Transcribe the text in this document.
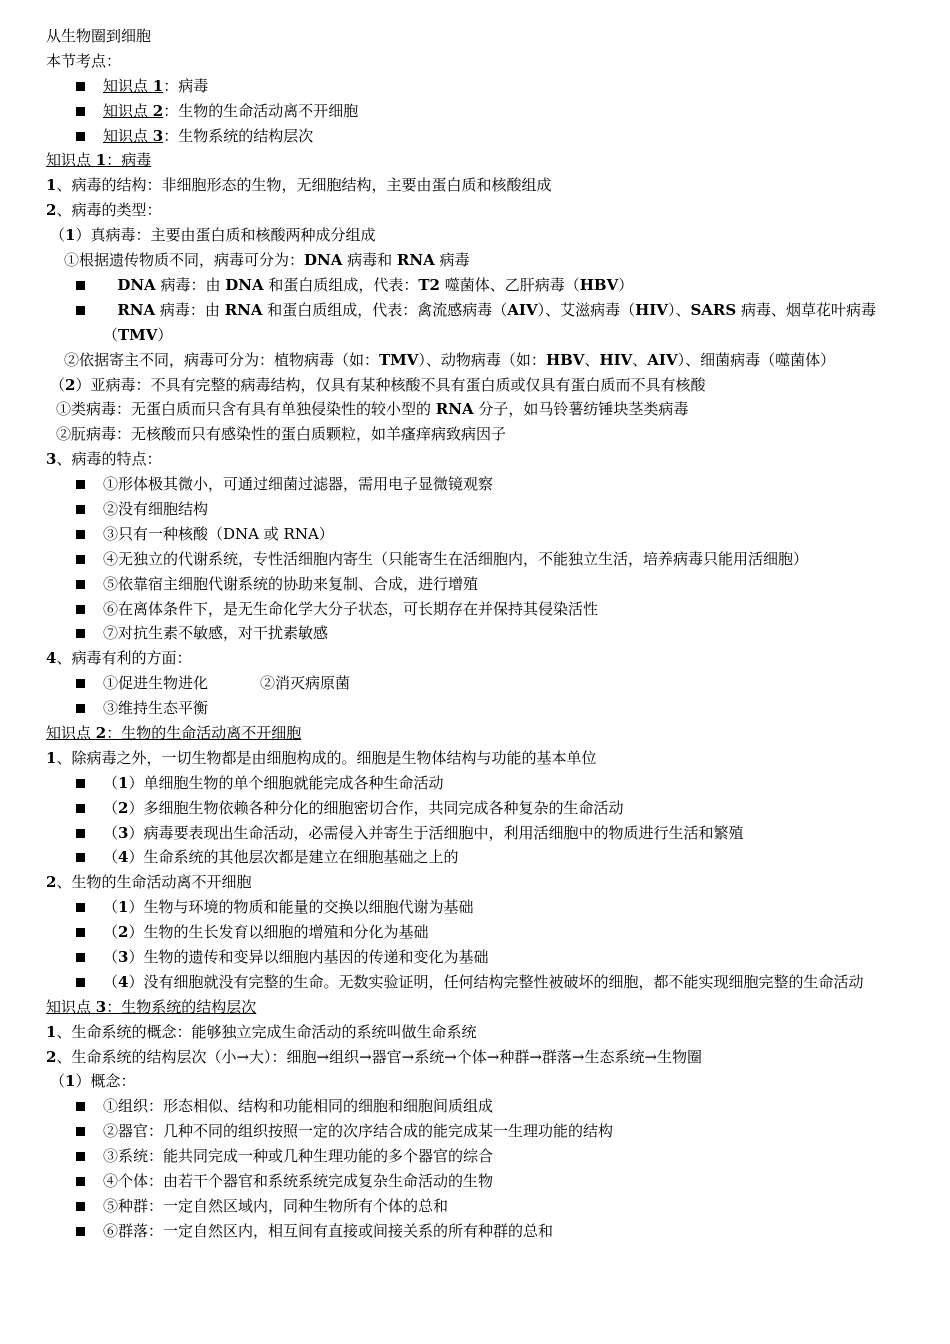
从生物圈到细胞
本节考点：
知识点 1：病毒
知识点 2：生物的生命活动离不开细胞
知识点 3：生物系统的结构层次
知识点 1：病毒
1、病毒的结构：非细胞形态的生物，无细胞结构，主要由蛋白质和核酸组成
2、病毒的类型：
（1）真病毒：主要由蛋白质和核酸两种成分组成
①根据遗传物质不同，病毒可分为：DNA 病毒和 RNA 病毒
DNA 病毒：由 DNA 和蛋白质组成，代表：T2 噬菌体、乙肝病毒（HBV）
RNA 病毒：由 RNA 和蛋白质组成，代表：禽流感病毒（AIV）、艾滋病毒（HIV）、SARS 病毒、烟草花叶病毒（TMV）
②依据寄主不同，病毒可分为：植物病毒（如：TMV）、动物病毒（如：HBV、HIV、AIV）、细菌病毒（噬菌体）
（2）亚病毒：不具有完整的病毒结构，仅具有某种核酸不具有蛋白质或仅具有蛋白质而不具有核酸
①类病毒：无蛋白质而只含有具有单独侵染性的较小型的 RNA 分子，如马铃薯纺锤块茎类病毒
②朊病毒：无核酸而只有感染性的蛋白质颗粒，如羊瘙痒病致病因子
3、病毒的特点：
①形体极其微小，可通过细菌过滤器，需用电子显微镜观察
②没有细胞结构
③只有一种核酸（DNA 或 RNA）
④无独立的代谢系统，专性活细胞内寄生（只能寄生在活细胞内，不能独立生活，培养病毒只能用活细胞）
⑤依靠宿主细胞代谢系统的协助来复制、合成，进行增殖
⑥在离体条件下，是无生命化学大分子状态，可长期存在并保持其侵染活性
⑦对抗生素不敏感，对干扰素敏感
4、病毒有利的方面：
①促进生物进化	②消灭病原菌
③维持生态平衡
知识点 2：生物的生命活动离不开细胞
1、除病毒之外，一切生物都是由细胞构成的。细胞是生物体结构与功能的基本单位
（1）单细胞生物的单个细胞就能完成各种生命活动
（2）多细胞生物依赖各种分化的细胞密切合作，共同完成各种复杂的生命活动
（3）病毒要表现出生命活动，必需侵入并寄生于活细胞中，利用活细胞中的物质进行生活和繁殖
（4）生命系统的其他层次都是建立在细胞基础之上的
2、生物的生命活动离不开细胞
（1）生物与环境的物质和能量的交换以细胞代谢为基础
（2）生物的生长发育以细胞的增殖和分化为基础
（3）生物的遗传和变异以细胞内基因的传递和变化为基础
（4）没有细胞就没有完整的生命。无数实验证明，任何结构完整性被破坏的细胞，都不能实现细胞完整的生命活动
知识点 3：生物系统的结构层次
1、生命系统的概念：能够独立完成生命活动的系统叫做生命系统
2、生命系统的结构层次（小→大）：细胞→组织→器官→系统→个体→种群→群落→生态系统→生物圈
（1）概念：
①组织：形态相似、结构和功能相同的细胞和细胞间质组成
②器官：几种不同的组织按照一定的次序结合成的能完成某一生理功能的结构
③系统：能共同完成一种或几种生理功能的多个器官的综合
④个体：由若干个器官和系统系统完成复杂生命活动的生物
⑤种群：一定自然区域内，同种生物所有个体的总和
⑥群落：一定自然区内，相互间有直接或间接关系的所有种群的总和
